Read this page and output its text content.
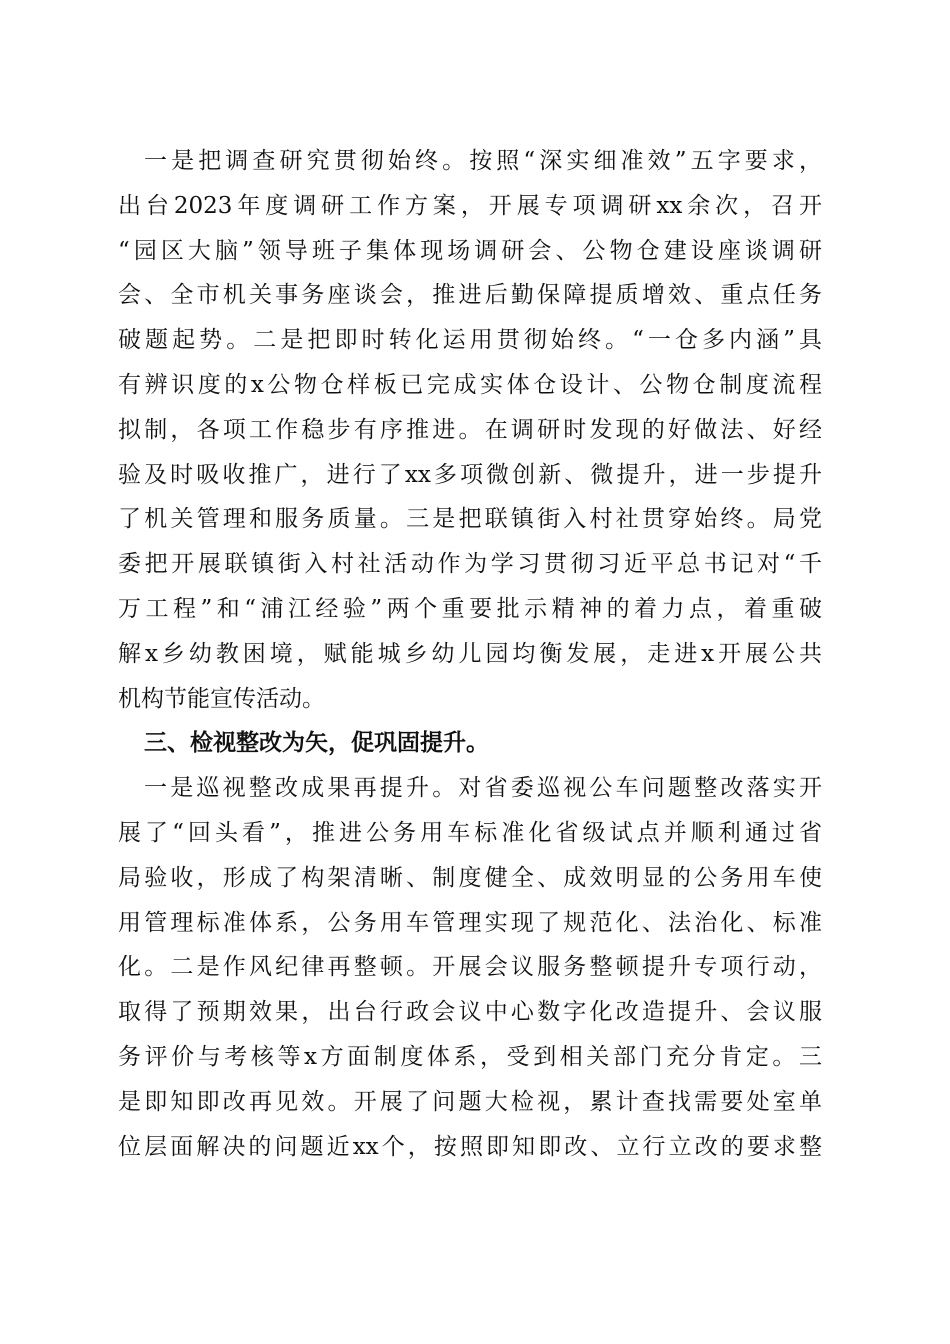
一是把调查研究贯彻始终。按照“深实细准效”五字要求，
出台2023年度调研工作方案，开展专项调研xx余次，召开
“园区大脑”领导班子集体现场调研会、公物仓建设座谈调研
会、全市机关事务座谈会，推进后勤保障提质增效、重点任务
破题起势。二是把即时转化运用贯彻始终。“一仓多内涵”具
有辨识度的x公物仓样板已完成实体仓设计、公物仓制度流程
拟制，各项工作稳步有序推进。在调研时发现的好做法、好经
验及时吸收推广，进行了xx多项微创新、微提升，进一步提升
了机关管理和服务质量。三是把联镇街入村社贯穿始终。局党
委把开展联镇街入村社活动作为学习贯彻习近平总书记对“千
万工程”和“浦江经验”两个重要批示精神的着力点，着重破
解x乡幼教困境，赋能城乡幼儿园均衡发展，走进x开展公共
机构节能宣传活动。
三、检视整改为矢，促巩固提升。
一是巡视整改成果再提升。对省委巡视公车问题整改落实开
展了“回头看”，推进公务用车标准化省级试点并顺利通过省
局验收，形成了构架清晰、制度健全、成效明显的公务用车使
用管理标准体系，公务用车管理实现了规范化、法治化、标准
化。二是作风纪律再整顿。开展会议服务整顿提升专项行动，
取得了预期效果，出台行政会议中心数字化改造提升、会议服
务评价与考核等x方面制度体系，受到相关部门充分肯定。三
是即知即改再见效。开展了问题大检视，累计查找需要处室单
位层面解决的问题近xx个，按照即知即改、立行立改的要求整
